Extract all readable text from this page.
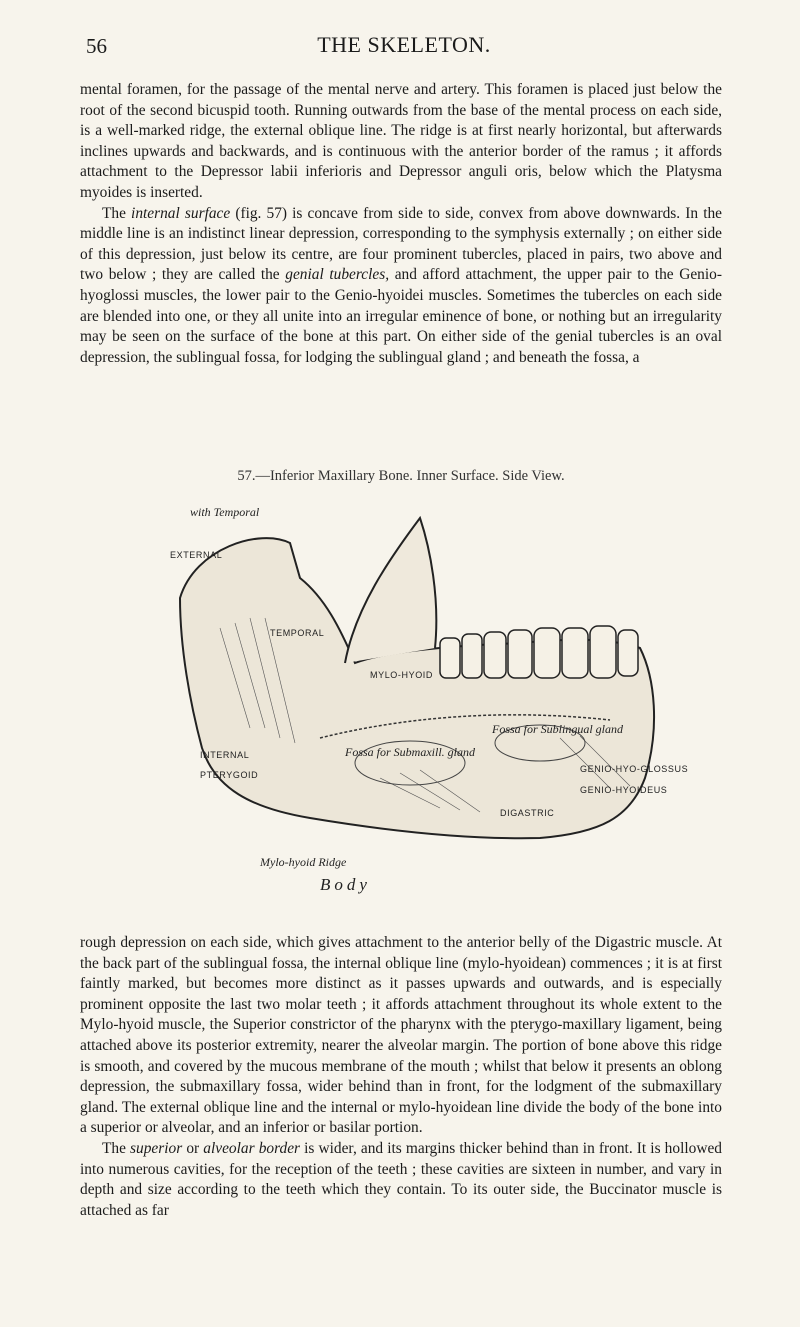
56	THE SKELETON.

mental foramen, for the passage of the mental nerve and artery. This foramen is placed just below the root of the second bicuspid tooth. Running outwards from the base of the mental process on each side, is a well-marked ridge, the external oblique line. The ridge is at first nearly horizontal, but afterwards inclines upwards and backwards, and is continuous with the anterior border of the ramus ; it affords attachment to the Depressor labii inferioris and Depressor anguli oris, below which the Platysma myoides is inserted.

The internal surface (fig. 57) is concave from side to side, convex from above downwards. In the middle line is an indistinct linear depression, corresponding to the symphysis externally ; on either side of this depression, just below its centre, are four prominent tubercles, placed in pairs, two above and two below ; they are called the genial tubercles, and afford attachment, the upper pair to the Genio-hyoglossi muscles, the lower pair to the Genio-hyoidei muscles. Sometimes the tubercles on each side are blended into one, or they all unite into an irregular eminence of bone, or nothing but an irregularity may be seen on the surface of the bone at this part. On either side of the genial tubercles is an oval depression, the sublingual fossa, for lodging the sublingual gland ; and beneath the fossa, a

57.—Inferior Maxillary Bone. Inner Surface. Side View.
with Temporal
EXTERNAL
TEMPORAL
INTERNAL
PTERYGOID
MYLO-HYOID
Fossa for Sublingual gland
Fossa for Submaxill. gland
GENIO-HYO-GLOSSUS
GENIO-HYOIDEUS
DIGASTRIC
Mylo-hyoid Ridge
Body

rough depression on each side, which gives attachment to the anterior belly of the Digastric muscle. At the back part of the sublingual fossa, the internal oblique line (mylo-hyoidean) commences ; it is at first faintly marked, but becomes more distinct as it passes upwards and outwards, and is especially prominent opposite the last two molar teeth ; it affords attachment throughout its whole extent to the Mylo-hyoid muscle, the Superior constrictor of the pharynx with the pterygo-maxillary ligament, being attached above its posterior extremity, nearer the alveolar margin. The portion of bone above this ridge is smooth, and covered by the mucous membrane of the mouth ; whilst that below it presents an oblong depression, the submaxillary fossa, wider behind than in front, for the lodgment of the submaxillary gland. The external oblique line and the internal or mylo-hyoidean line divide the body of the bone into a superior or alveolar, and an inferior or basilar portion.

The superior or alveolar border is wider, and its margins thicker behind than in front. It is hollowed into numerous cavities, for the reception of the teeth ; these cavities are sixteen in number, and vary in depth and size according to the teeth which they contain. To its outer side, the Buccinator muscle is attached as far
